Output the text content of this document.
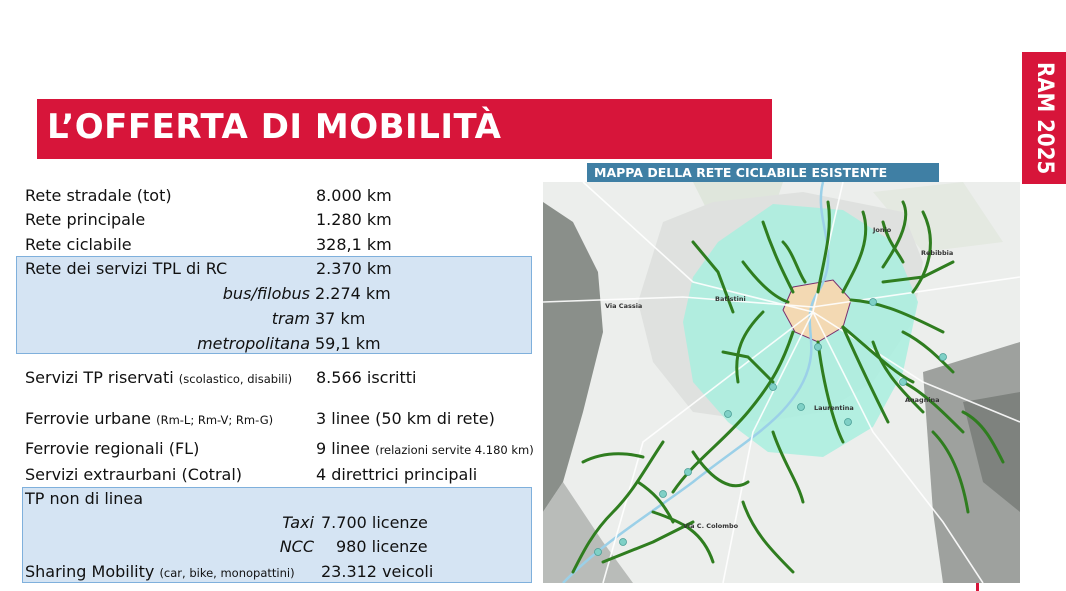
L’OFFERTA DI MOBILITÀ	RAM 2025
Rete stradale (tot)	8.000 km
Rete principale	1.280 km
Rete ciclabile	328,1 km
Rete dei servizi TPL di RC	2.370 km
bus/filobus 2.274 km
tram 37 km
metropolitana 59,1 km
Servizi TP riservati (scolastico, disabili) 8.566 iscritti
Ferrovie urbane (Rm-L; Rm-V; Rm-G)	3 linee (50 km di rete)
Ferrovie regionali (FL)	9 linee (relazioni servite 4.180 km)
Servizi extraurbani (Cotral)	4 direttrici principali
TP non di linea
Taxi 7.700 licenze
NCC 980 licenze
Sharing Mobility (car, bike, monopattini) 23.312 veicoli
MAPPA DELLA RETE CICLABILE ESISTENTE
Batistini
Jonio
Rebibbia
Laurentina
Anagnina
Via C. Colombo
Via Cassia
